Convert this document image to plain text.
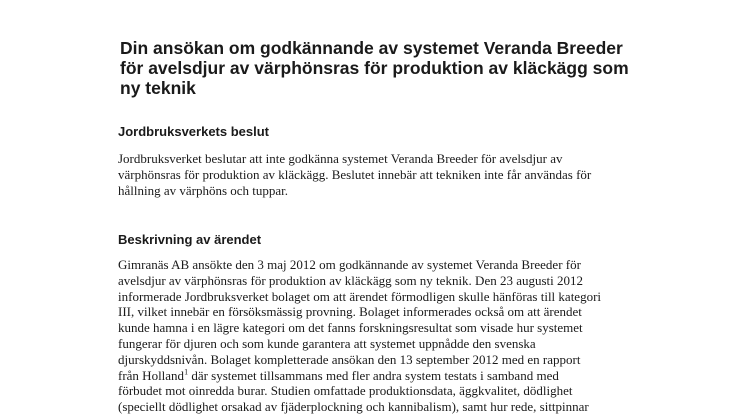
Din ansökan om godkännande av systemet Veranda Breeder
för avelsdjur av värphönsras för produktion av kläckägg som
ny teknik
Jordbruksverkets beslut
Jordbruksverket beslutar att inte godkänna systemet Veranda Breeder för avelsdjur av
värphönsras för produktion av kläckägg. Beslutet innebär att tekniken inte får användas för
hållning av värphöns och tuppar.
Beskrivning av ärendet
Gimranäs AB ansökte den 3 maj 2012 om godkännande av systemet Veranda Breeder för
avelsdjur av värphönsras för produktion av kläckägg som ny teknik. Den 23 augusti 2012
informerade Jordbruksverket bolaget om att ärendet förmodligen skulle hänföras till kategori
III, vilket innebär en försöksmässig provning. Bolaget informerades också om att ärendet
kunde hamna i en lägre kategori om det fanns forskningsresultat som visade hur systemet
fungerar för djuren och som kunde garantera att systemet uppnådde den svenska
djurskyddsnivån. Bolaget kompletterade ansökan den 13 september 2012 med en rapport
från Holland$^1$ där systemet tillsammans med fler andra system testats i samband med
förbudet mot oinredda burar. Studien omfattade produktionsdata, äggkvalitet, dödlighet
(speciellt dödlighet orsakad av fjäderplockning och kannibalism), samt hur rede, sittpinnar
